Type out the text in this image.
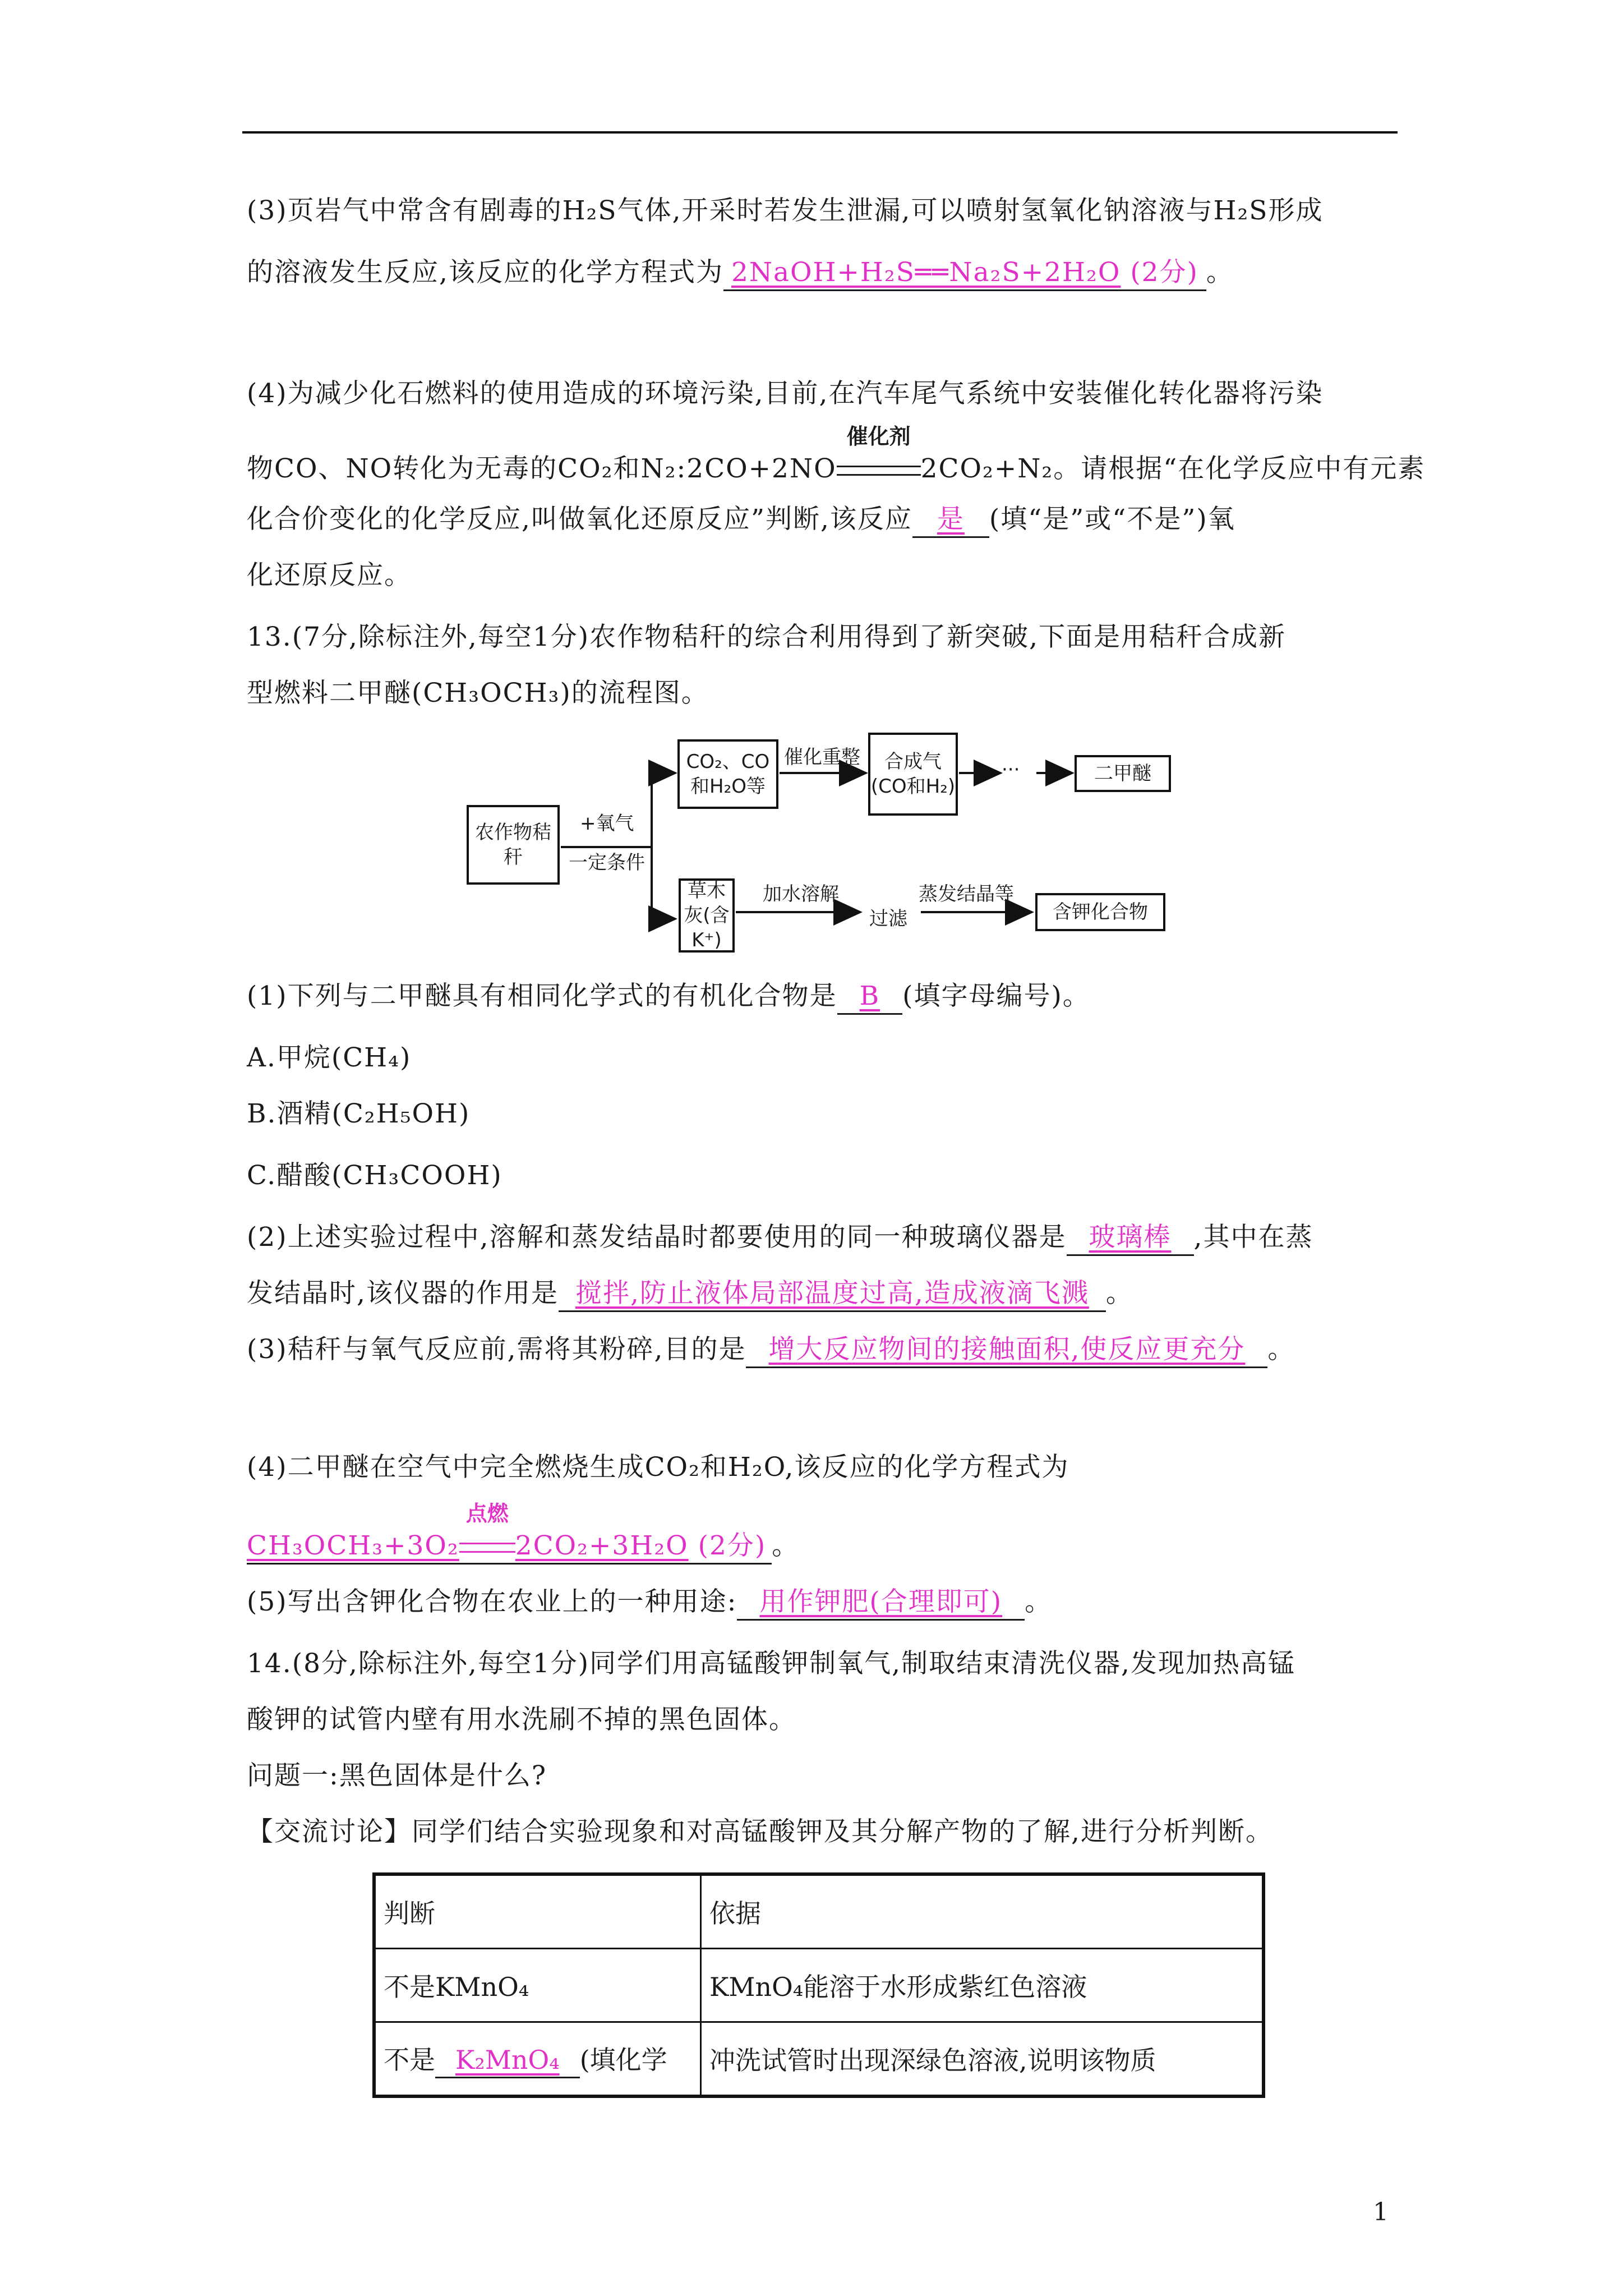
(3)页岩气中常含有剧毒的H₂S气体,开采时若发生泄漏,可以喷射氢氧化钠溶液与H₂S形成
的溶液发生反应,该反应的化学方程式为 2NaOH+H₂S══Na₂S+2H₂O (2分) 。
(4)为减少化石燃料的使用造成的环境污染,目前,在汽车尾气系统中安装催化转化器将污染
物CO、NO转化为无毒的CO₂和N₂:2CO+2NO
催化剂
2CO₂+N₂。请根据“在化学反应中有元素
化合价变化的化学反应,叫做氧化还原反应”判断,该反应 是 (填“是”或“不是”)氧
化还原反应。
13.(7分,除标注外,每空1分)农作物秸秆的综合利用得到了新突破,下面是用秸秆合成新
型燃料二甲醚(CH₃OCH₃)的流程图。
农作物秸秆
+氧气
一定条件
CO₂、CO和H₂O等
催化重整	合成气(CO和H₂)
···	二甲醚
草木灰(含K⁺)
加水溶解
过滤
蒸发结晶等
含钾化合物
(1)下列与二甲醚具有相同化学式的有机化合物是 B (填字母编号)。
A.甲烷(CH₄)
B.酒精(C₂H₅OH)
C.醋酸(CH₃COOH)
(2)上述实验过程中,溶解和蒸发结晶时都要使用的同一种玻璃仪器是 玻璃棒 ,其中在蒸
发结晶时,该仪器的作用是 搅拌,防止液体局部温度过高,造成液滴飞溅 。
(3)秸秆与氧气反应前,需将其粉碎,目的是 增大反应物间的接触面积,使反应更充分 。
(4)二甲醚在空气中完全燃烧生成CO₂和H₂O,该反应的化学方程式为
CH₃OCH₃+3O₂
点燃
2CO₂+3H₂O (2分) 。
(5)写出含钾化合物在农业上的一种用途: 用作钾肥(合理即可) 。
14.(8分,除标注外,每空1分)同学们用高锰酸钾制氧气,制取结束清洗仪器,发现加热高锰
酸钾的试管内壁有用水洗刷不掉的黑色固体。
问题一:黑色固体是什么?
【交流讨论】同学们结合实验现象和对高锰酸钾及其分解产物的了解,进行分析判断。
判断	依据
不是KMnO₄	KMnO₄能溶于水形成紫红色溶液
不是 K₂MnO₄ (填化学	冲洗试管时出现深绿色溶液,说明该物质
1
